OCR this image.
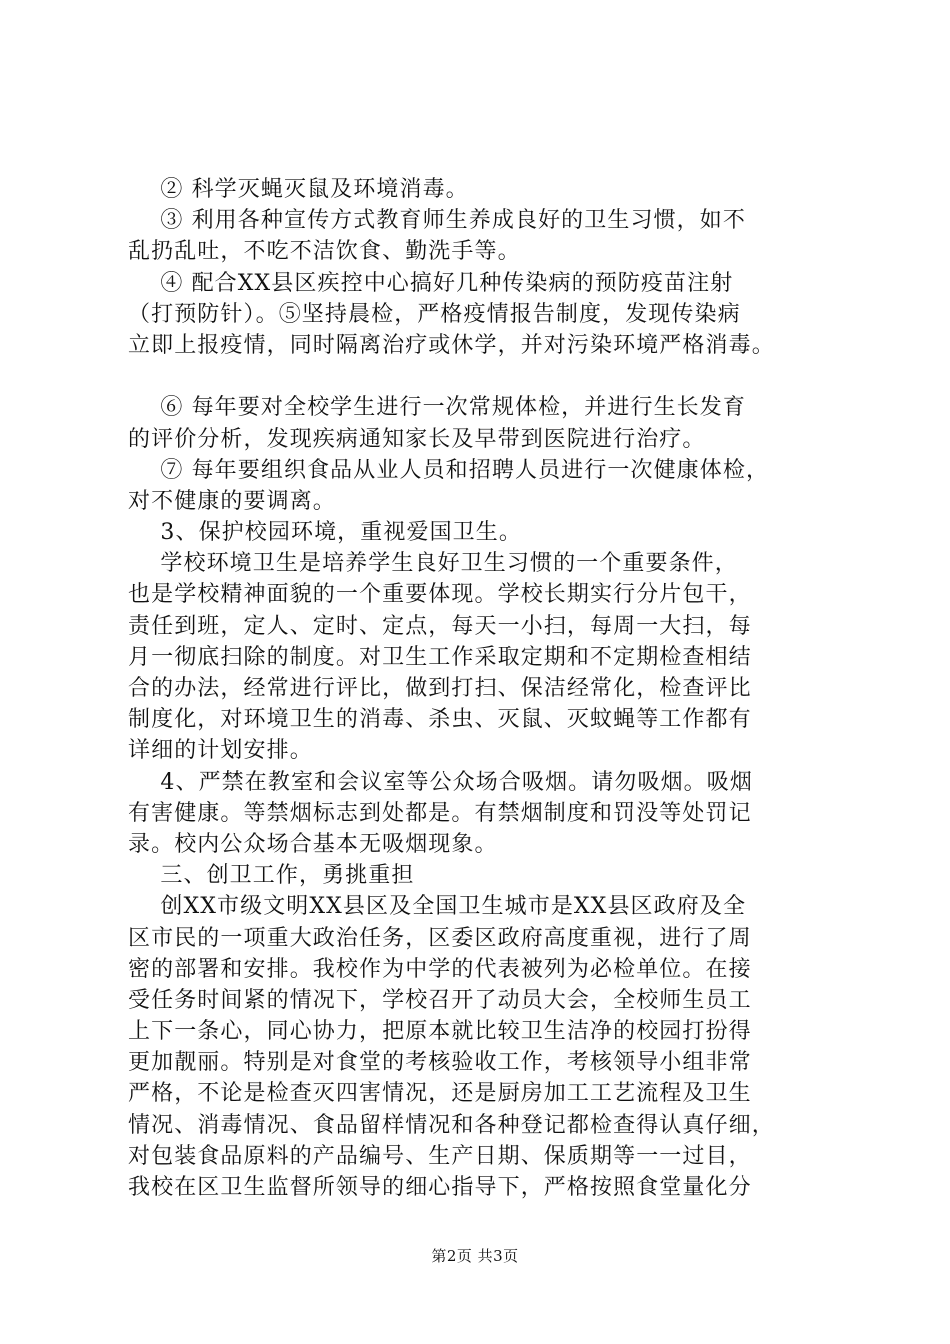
② 科学灭蝇灭鼠及环境消毒。
③ 利用各种宣传方式教育师生养成良好的卫生习惯，如不
乱扔乱吐，不吃不洁饮食、勤洗手等。
④ 配合XX县区疾控中心搞好几种传染病的预防疫苗注射
（打预防针）。⑤坚持晨检，严格疫情报告制度，发现传染病
立即上报疫情，同时隔离治疗或休学，并对污染环境严格消毒。
⑥ 每年要对全校学生进行一次常规体检，并进行生长发育
的评价分析，发现疾病通知家长及早带到医院进行治疗。
⑦ 每年要组织食品从业人员和招聘人员进行一次健康体检，
对不健康的要调离。
3、保护校园环境，重视爱国卫生。
学校环境卫生是培养学生良好卫生习惯的一个重要条件，
也是学校精神面貌的一个重要体现。学校长期实行分片包干，
责任到班，定人、定时、定点，每天一小扫，每周一大扫，每
月一彻底扫除的制度。对卫生工作采取定期和不定期检查相结
合的办法，经常进行评比，做到打扫、保洁经常化，检查评比
制度化，对环境卫生的消毒、杀虫、灭鼠、灭蚊蝇等工作都有
详细的计划安排。
4、严禁在教室和会议室等公众场合吸烟。请勿吸烟。吸烟
有害健康。等禁烟标志到处都是。有禁烟制度和罚没等处罚记
录。校内公众场合基本无吸烟现象。
三、创卫工作，勇挑重担
创XX市级文明XX县区及全国卫生城市是XX县区政府及全
区市民的一项重大政治任务，区委区政府高度重视，进行了周
密的部署和安排。我校作为中学的代表被列为必检单位。在接
受任务时间紧的情况下，学校召开了动员大会，全校师生员工
上下一条心，同心协力，把原本就比较卫生洁净的校园打扮得
更加靓丽。特别是对食堂的考核验收工作，考核领导小组非常
严格，不论是检查灭四害情况，还是厨房加工工艺流程及卫生
情况、消毒情况、食品留样情况和各种登记都检查得认真仔细，
对包装食品原料的产品编号、生产日期、保质期等一一过目，
我校在区卫生监督所领导的细心指导下，严格按照食堂量化分
第2页 共3页
